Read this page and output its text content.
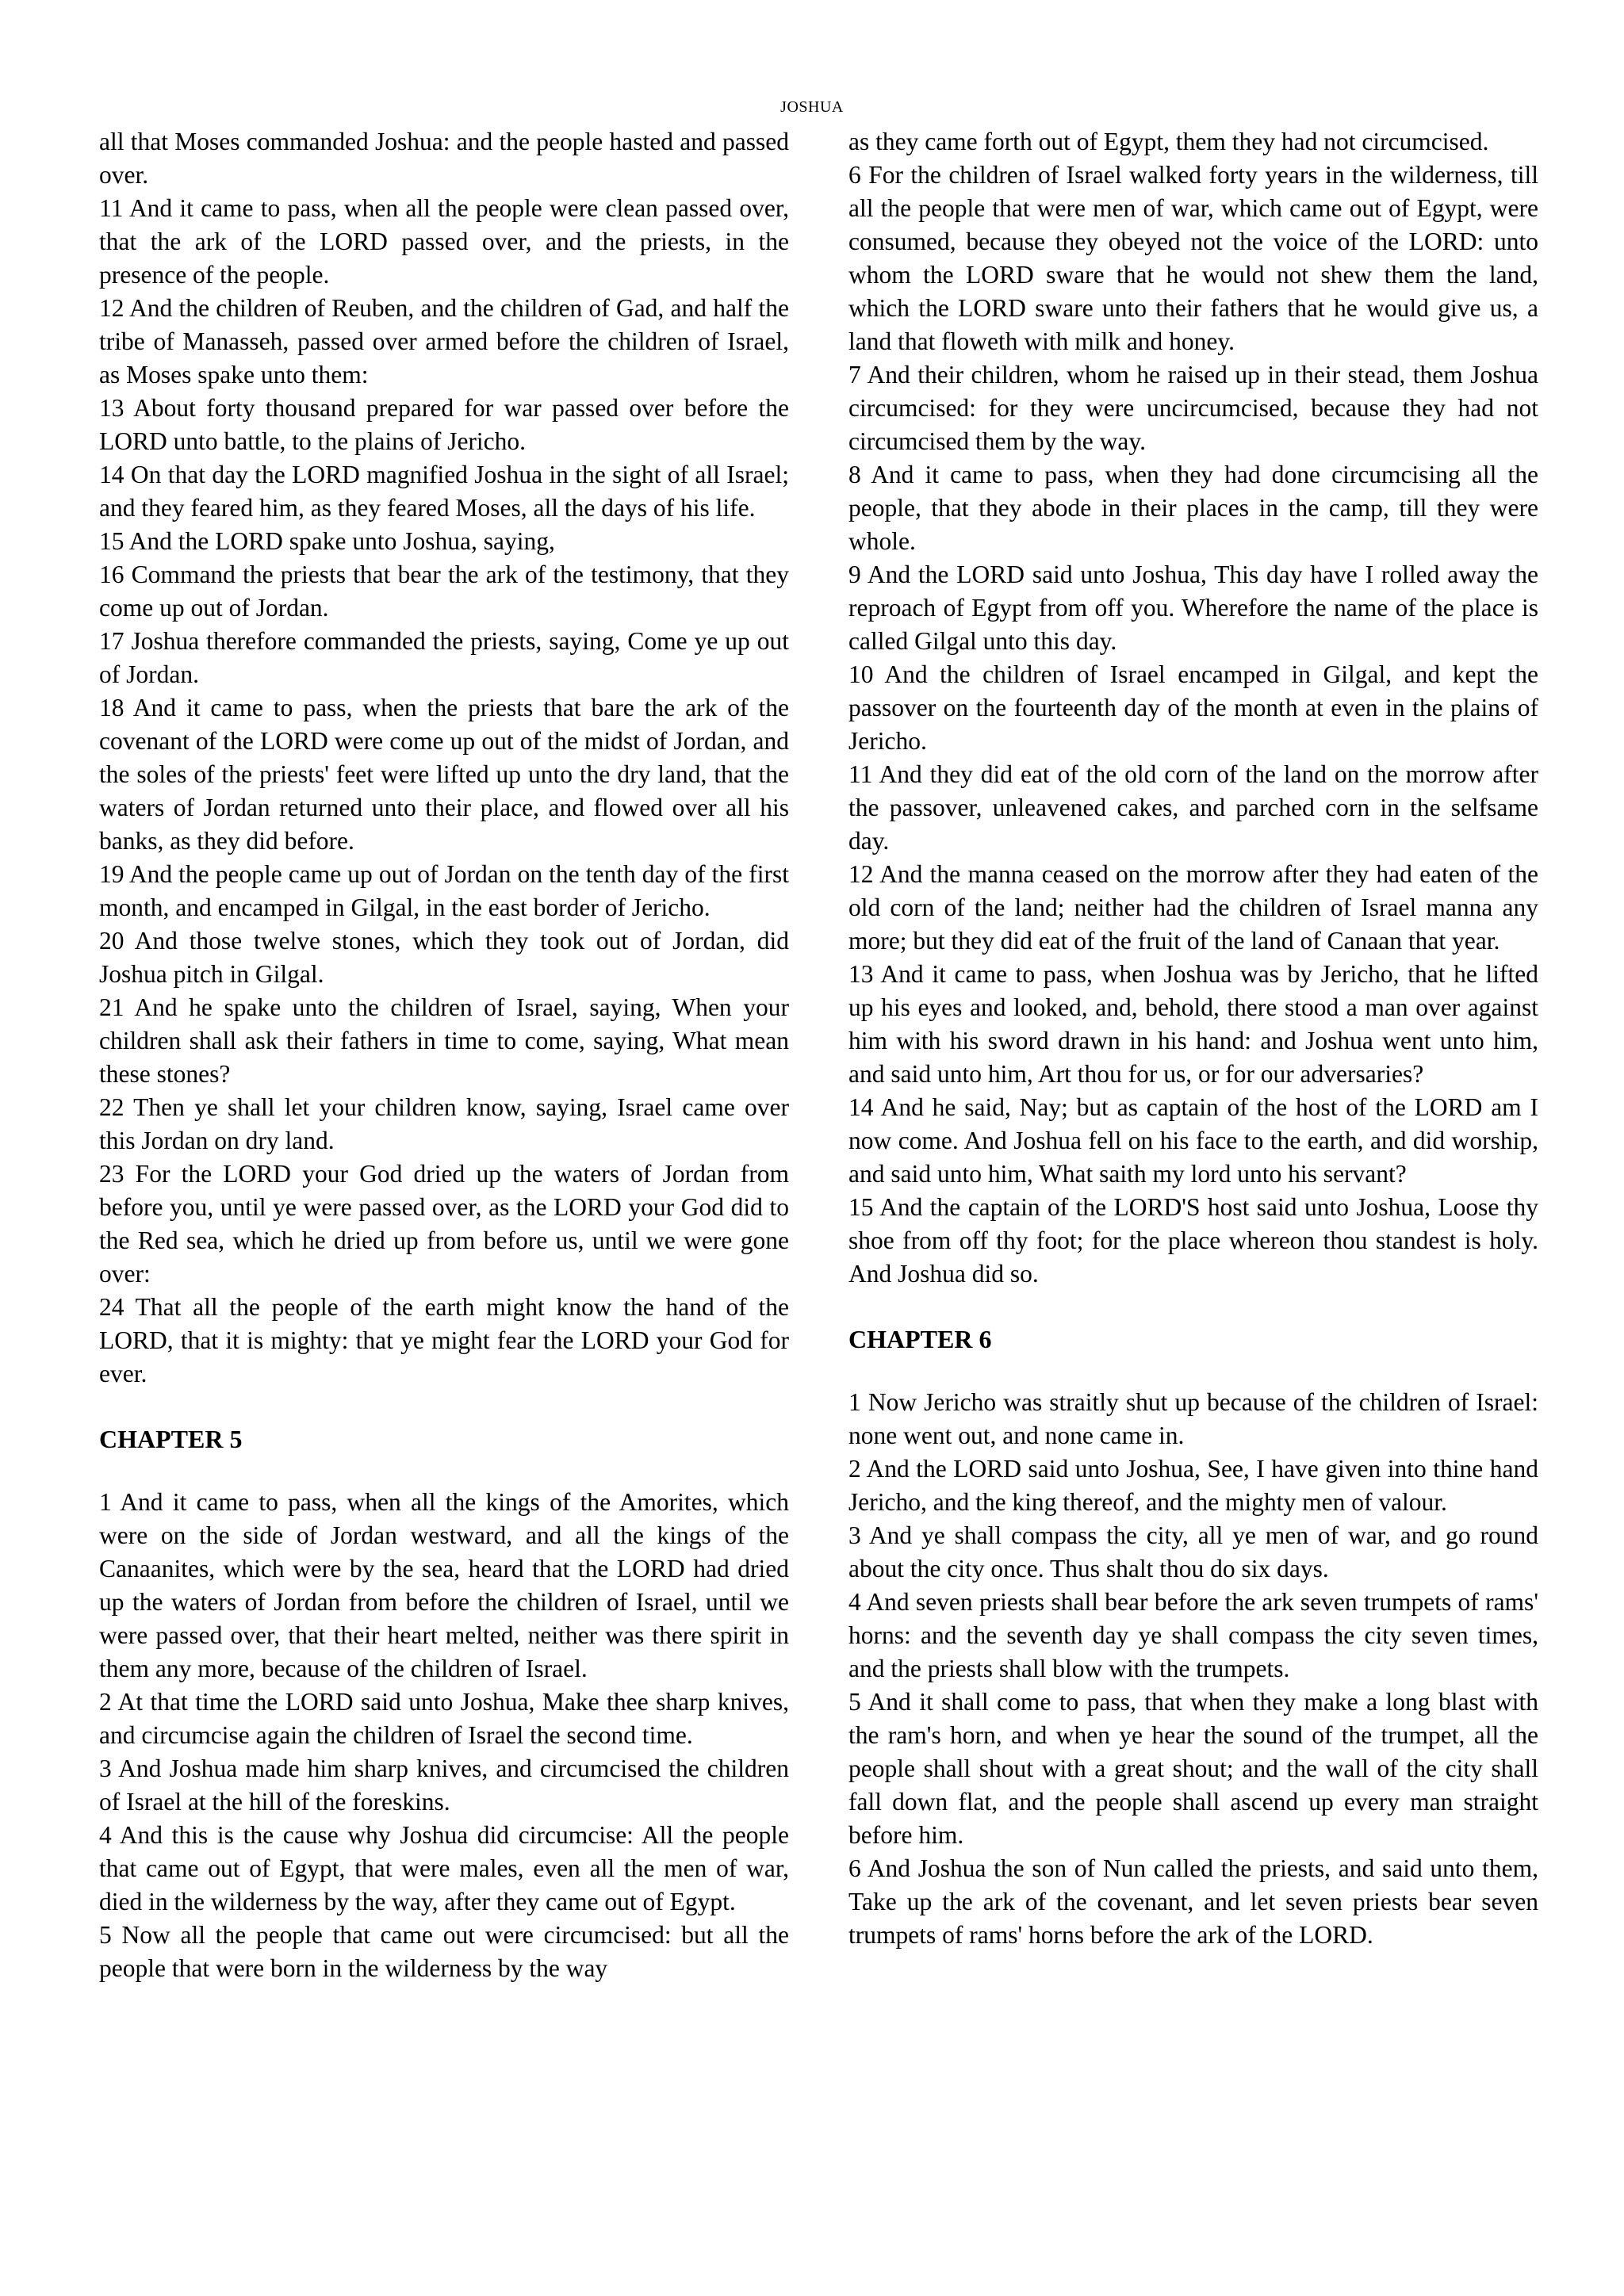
JOSHUA

all that Moses commanded Joshua: and the people hasted and passed over.

11 And it came to pass, when all the people were clean passed over, that the ark of the LORD passed over, and the priests, in the presence of the people.

12 And the children of Reuben, and the children of Gad, and half the tribe of Manasseh, passed over armed before the children of Israel, as Moses spake unto them:

13 About forty thousand prepared for war passed over before the LORD unto battle, to the plains of Jericho.

14 On that day the LORD magnified Joshua in the sight of all Israel; and they feared him, as they feared Moses, all the days of his life.

15 And the LORD spake unto Joshua, saying,

16 Command the priests that bear the ark of the testimony, that they come up out of Jordan.

17 Joshua therefore commanded the priests, saying, Come ye up out of Jordan.

18 And it came to pass, when the priests that bare the ark of the covenant of the LORD were come up out of the midst of Jordan, and the soles of the priests' feet were lifted up unto the dry land, that the waters of Jordan returned unto their place, and flowed over all his banks, as they did before.

19 And the people came up out of Jordan on the tenth day of the first month, and encamped in Gilgal, in the east border of Jericho.

20 And those twelve stones, which they took out of Jordan, did Joshua pitch in Gilgal.

21 And he spake unto the children of Israel, saying, When your children shall ask their fathers in time to come, saying, What mean these stones?

22 Then ye shall let your children know, saying, Israel came over this Jordan on dry land.

23 For the LORD your God dried up the waters of Jordan from before you, until ye were passed over, as the LORD your God did to the Red sea, which he dried up from before us, until we were gone over:

24 That all the people of the earth might know the hand of the LORD, that it is mighty: that ye might fear the LORD your God for ever.

CHAPTER 5

1 And it came to pass, when all the kings of the Amorites, which were on the side of Jordan westward, and all the kings of the Canaanites, which were by the sea, heard that the LORD had dried up the waters of Jordan from before the children of Israel, until we were passed over, that their heart melted, neither was there spirit in them any more, because of the children of Israel.

2 At that time the LORD said unto Joshua, Make thee sharp knives, and circumcise again the children of Israel the second time.

3 And Joshua made him sharp knives, and circumcised the children of Israel at the hill of the foreskins.

4 And this is the cause why Joshua did circumcise: All the people that came out of Egypt, that were males, even all the men of war, died in the wilderness by the way, after they came out of Egypt.

5 Now all the people that came out were circumcised: but all the people that were born in the wilderness by the way

as they came forth out of Egypt, them they had not circumcised.

6 For the children of Israel walked forty years in the wilderness, till all the people that were men of war, which came out of Egypt, were consumed, because they obeyed not the voice of the LORD: unto whom the LORD sware that he would not shew them the land, which the LORD sware unto their fathers that he would give us, a land that floweth with milk and honey.

7 And their children, whom he raised up in their stead, them Joshua circumcised: for they were uncircumcised, because they had not circumcised them by the way.

8 And it came to pass, when they had done circumcising all the people, that they abode in their places in the camp, till they were whole.

9 And the LORD said unto Joshua, This day have I rolled away the reproach of Egypt from off you. Wherefore the name of the place is called Gilgal unto this day.

10 And the children of Israel encamped in Gilgal, and kept the passover on the fourteenth day of the month at even in the plains of Jericho.

11 And they did eat of the old corn of the land on the morrow after the passover, unleavened cakes, and parched corn in the selfsame day.

12 And the manna ceased on the morrow after they had eaten of the old corn of the land; neither had the children of Israel manna any more; but they did eat of the fruit of the land of Canaan that year.

13 And it came to pass, when Joshua was by Jericho, that he lifted up his eyes and looked, and, behold, there stood a man over against him with his sword drawn in his hand: and Joshua went unto him, and said unto him, Art thou for us, or for our adversaries?

14 And he said, Nay; but as captain of the host of the LORD am I now come. And Joshua fell on his face to the earth, and did worship, and said unto him, What saith my lord unto his servant?

15 And the captain of the LORD'S host said unto Joshua, Loose thy shoe from off thy foot; for the place whereon thou standest is holy. And Joshua did so.

CHAPTER 6

1 Now Jericho was straitly shut up because of the children of Israel: none went out, and none came in.

2 And the LORD said unto Joshua, See, I have given into thine hand Jericho, and the king thereof, and the mighty men of valour.

3 And ye shall compass the city, all ye men of war, and go round about the city once. Thus shalt thou do six days.

4 And seven priests shall bear before the ark seven trumpets of rams' horns: and the seventh day ye shall compass the city seven times, and the priests shall blow with the trumpets.

5 And it shall come to pass, that when they make a long blast with the ram's horn, and when ye hear the sound of the trumpet, all the people shall shout with a great shout; and the wall of the city shall fall down flat, and the people shall ascend up every man straight before him.

6 And Joshua the son of Nun called the priests, and said unto them, Take up the ark of the covenant, and let seven priests bear seven trumpets of rams' horns before the ark of the LORD.
